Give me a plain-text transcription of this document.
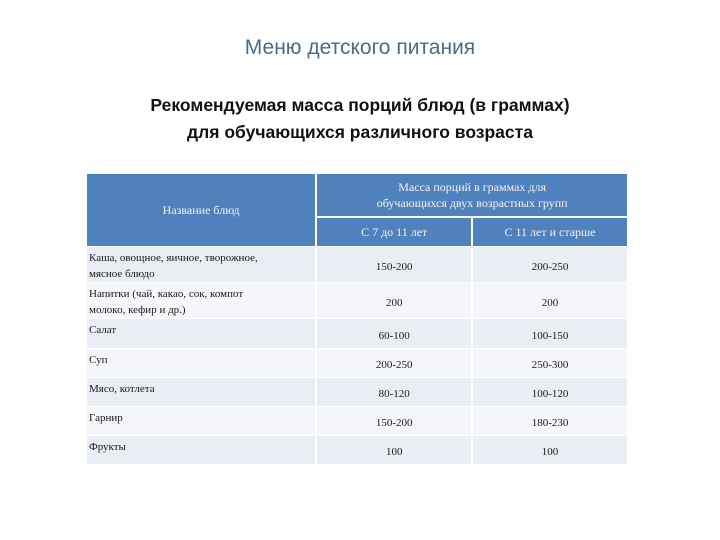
Меню детского питания
Рекомендуемая масса порций блюд (в граммах)
для обучающихся различного возраста
Название блюд	Масса порций в граммах для
обучающихся двух возрастных групп	

	С 7 до 11 лет	С 11 лет и старше

Каша, овощное, яичное, творожное,
мясное блюдо	150-200	200-250

Напитки (чай, какао, сок, компот
молоко, кефир и др.)	200	200

Салат	60-100	100-150

Суп	200-250	250-300

Мясо, котлета	80-120	100-120

Гарнир	150-200	180-230

Фрукты	100	100
